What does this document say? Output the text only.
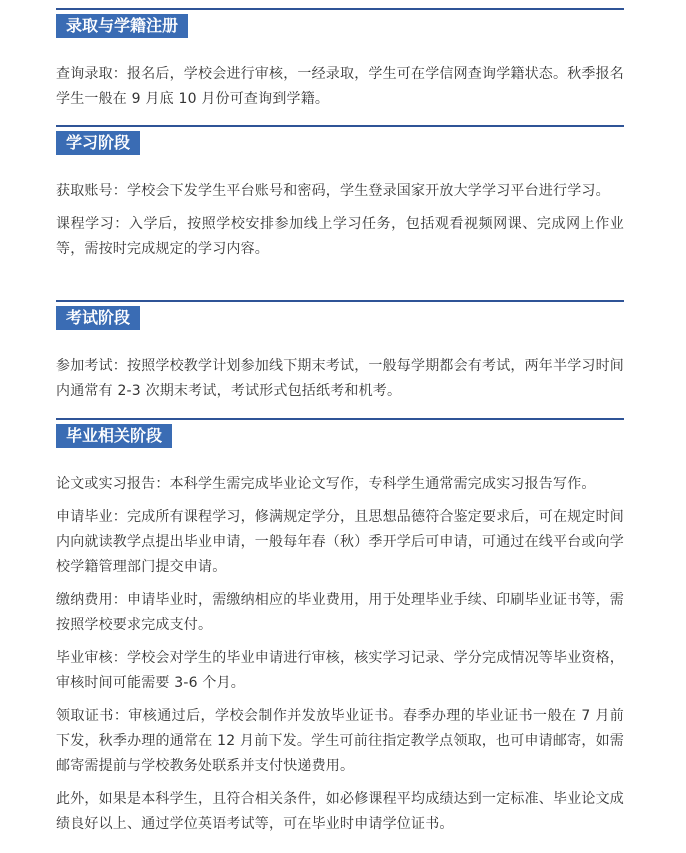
录取与学籍注册

查询录取：报名后，学校会进行审核，一经录取，学生可在学信网查询学籍状态。秋季报名学生一般在 9 月底 10 月份可查询到学籍。

学习阶段

获取账号：学校会下发学生平台账号和密码，学生登录国家开放大学学习平台进行学习。

课程学习：入学后，按照学校安排参加线上学习任务，包括观看视频网课、完成网上作业等，需按时完成规定的学习内容。

考试阶段

参加考试：按照学校教学计划参加线下期末考试，一般每学期都会有考试，两年半学习时间内通常有 2-3 次期末考试，考试形式包括纸考和机考。

毕业相关阶段

论文或实习报告：本科学生需完成毕业论文写作，专科学生通常需完成实习报告写作。

申请毕业：完成所有课程学习，修满规定学分，且思想品德符合鉴定要求后，可在规定时间内向就读教学点提出毕业申请，一般每年春（秋）季开学后可申请，可通过在线平台或向学校学籍管理部门提交申请。

缴纳费用：申请毕业时，需缴纳相应的毕业费用，用于处理毕业手续、印刷毕业证书等，需按照学校要求完成支付。

毕业审核：学校会对学生的毕业申请进行审核，核实学习记录、学分完成情况等毕业资格，审核时间可能需要 3-6 个月。

领取证书：审核通过后，学校会制作并发放毕业证书。春季办理的毕业证书一般在 7 月前下发，秋季办理的通常在 12 月前下发。学生可前往指定教学点领取，也可申请邮寄，如需邮寄需提前与学校教务处联系并支付快递费用。

此外，如果是本科学生，且符合相关条件，如必修课程平均成绩达到一定标准、毕业论文成绩良好以上、通过学位英语考试等，可在毕业时申请学位证书。
